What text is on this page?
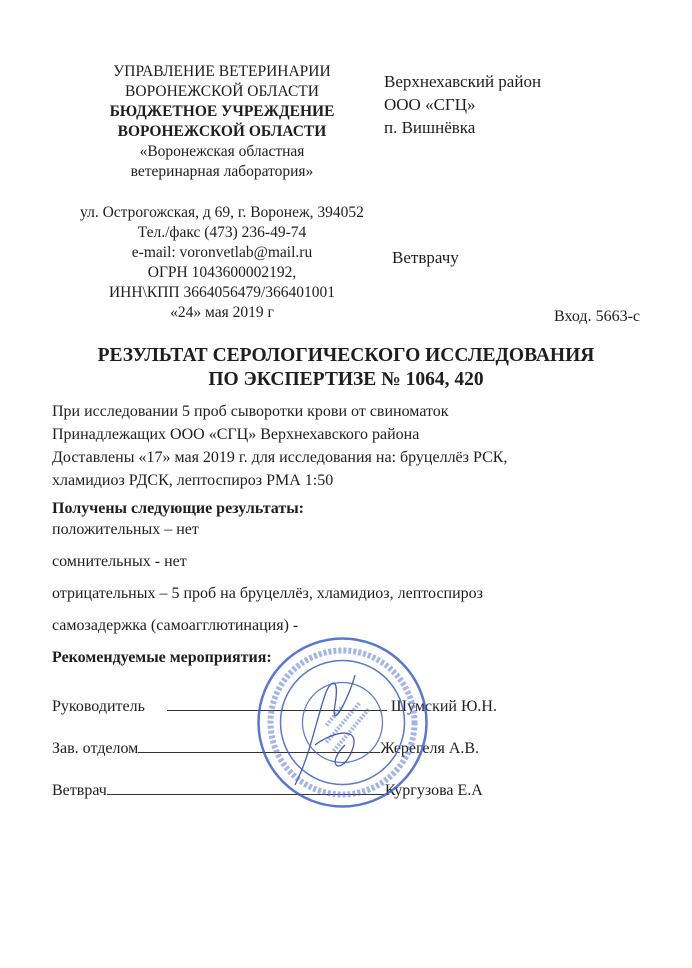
УПРАВЛЕНИЕ ВЕТЕРИНАРИИ
ВОРОНЕЖСКОЙ ОБЛАСТИ
БЮДЖЕТНОЕ УЧРЕЖДЕНИЕ
ВОРОНЕЖСКОЙ ОБЛАСТИ
«Воронежская областная
ветеринарная лаборатория»
ул. Острогожская, д 69, г. Воронеж, 394052
Тел./факс (473) 236-49-74
e-mail: voronvetlab@mail.ru
ОГРН 1043600002192,
ИНН\КПП 3664056479/366401001
«24» мая 2019 г
Верхнехавский район
ООО «СГЦ»
п. Вишнёвка
Ветврачу
Вход. 5663-с
РЕЗУЛЬТАТ СЕРОЛОГИЧЕСКОГО ИССЛЕДОВАНИЯ
ПО ЭКСПЕРТИЗЕ № 1064, 420
При исследовании 5 проб сыворотки крови от свиноматок
Принадлежащих ООО «СГЦ» Верхнехавского района
Доставлены «17» мая 2019 г. для исследования на: бруцеллёз РСК,
хламидиоз РДСК, лептоспироз РМА 1:50
Получены следующие результаты:
положительных – нет
сомнительных - нет
отрицательных – 5 проб на бруцеллёз, хламидиоз, лептоспироз
самозадержка (самоагглютинация) -
Рекомендуемые мероприятия:
Руководитель	Шумский Ю.Н.
Зав. отделом	Жерегеля А.В.
Ветврач	Кургузова Е.А
